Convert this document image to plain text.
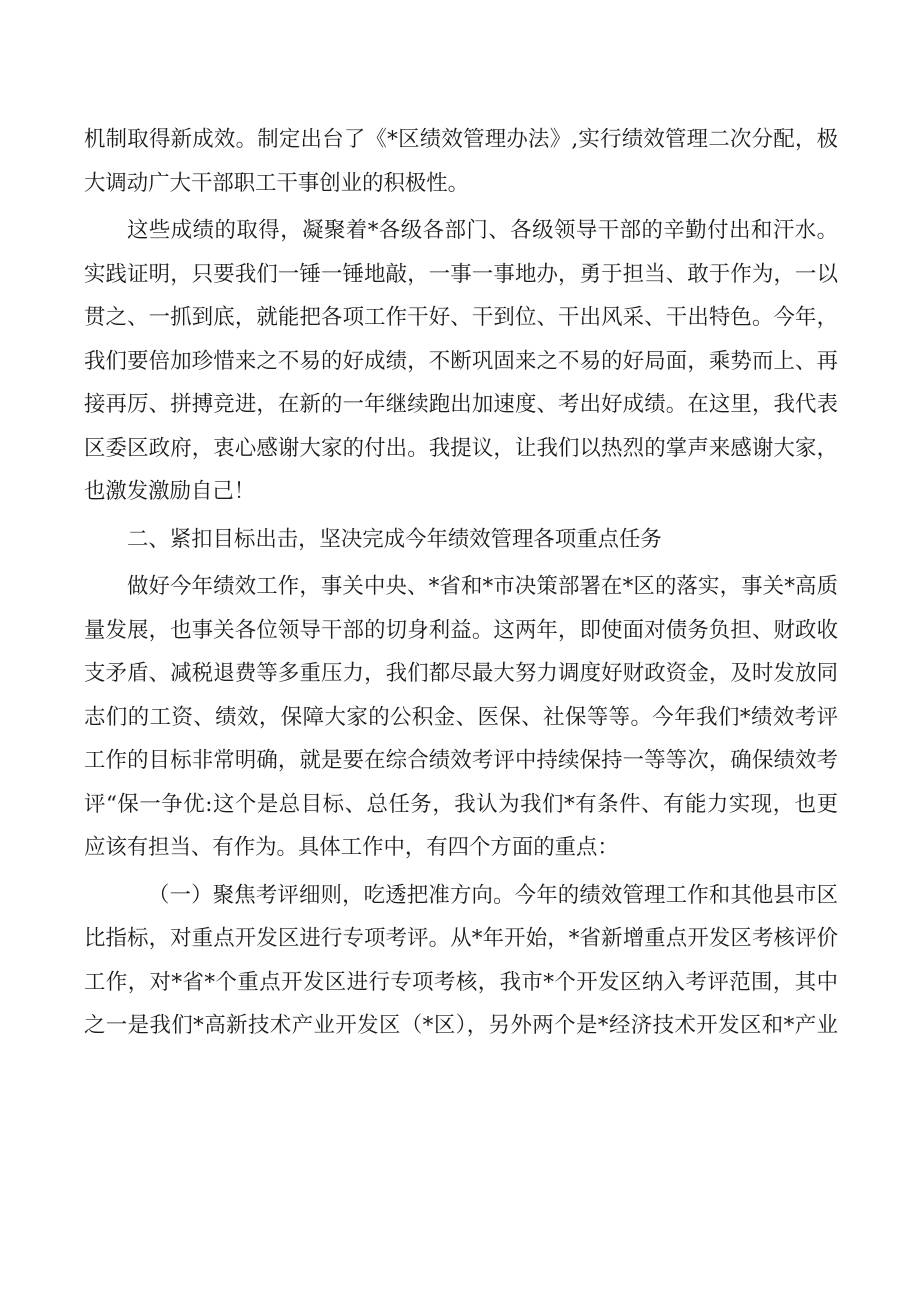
机制取得新成效。制定出台了《*区绩效管理办法》,实行绩效管理二次分配，极
大调动广大干部职工干事创业的积极性。
这些成绩的取得，凝聚着*各级各部门、各级领导干部的辛勤付出和汗水。
实践证明，只要我们一锤一锤地敲，一事一事地办，勇于担当、敢于作为，一以
贯之、一抓到底，就能把各项工作干好、干到位、干出风采、干出特色。今年，
我们要倍加珍惜来之不易的好成绩，不断巩固来之不易的好局面，乘势而上、再
接再厉、拼搏竞进，在新的一年继续跑出加速度、考出好成绩。在这里，我代表
区委区政府，衷心感谢大家的付出。我提议，让我们以热烈的掌声来感谢大家，
也激发激励自己！
二、紧扣目标出击，坚决完成今年绩效管理各项重点任务
做好今年绩效工作，事关中央、*省和*市决策部署在*区的落实，事关*高质
量发展，也事关各位领导干部的切身利益。这两年，即使面对债务负担、财政收
支矛盾、减税退费等多重压力，我们都尽最大努力调度好财政资金，及时发放同
志们的工资、绩效，保障大家的公积金、医保、社保等等。今年我们*绩效考评
工作的目标非常明确，就是要在综合绩效考评中持续保持一等等次，确保绩效考
评“保一争优:这个是总目标、总任务，我认为我们*有条件、有能力实现，也更
应该有担当、有作为。具体工作中，有四个方面的重点：
（一）聚焦考评细则，吃透把准方向。今年的绩效管理工作和其他县市区
比指标，对重点开发区进行专项考评。从*年开始，*省新增重点开发区考核评价
工作，对*省*个重点开发区进行专项考核，我市*个开发区纳入考评范围，其中
之一是我们*高新技术产业开发区（*区），另外两个是*经济技术开发区和*产业
